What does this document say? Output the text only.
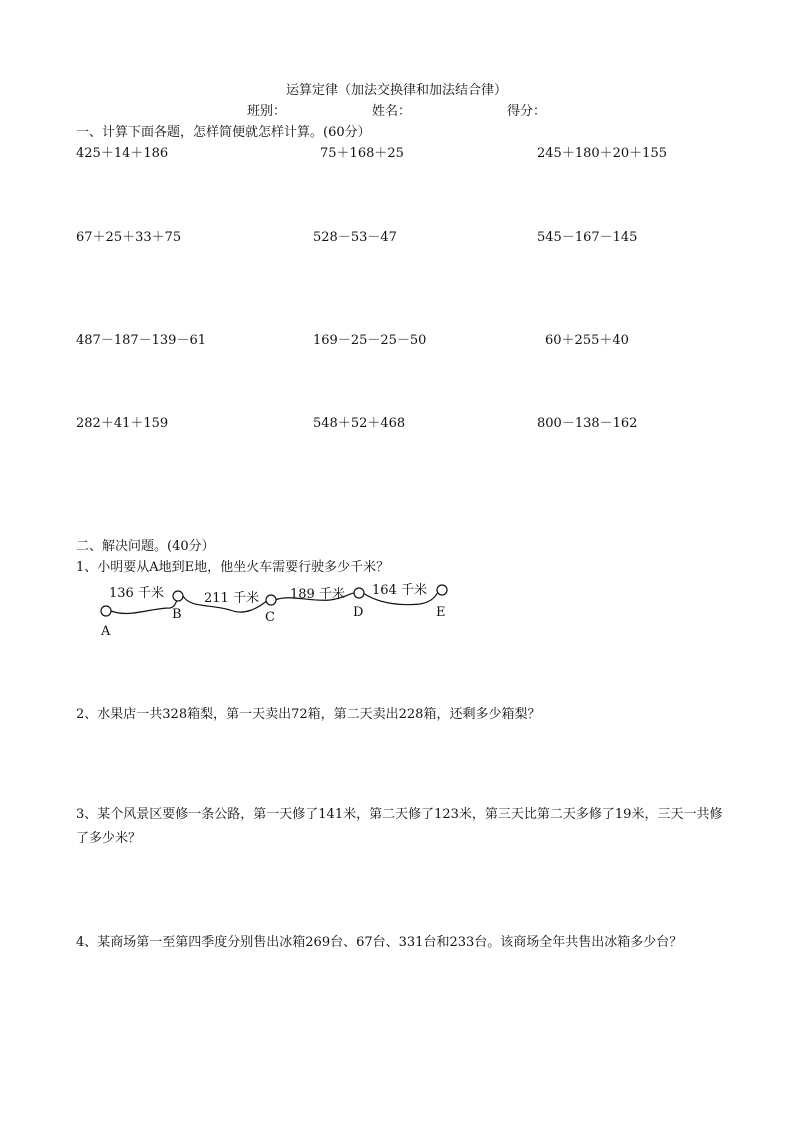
运算定律（加法交换律和加法结合律）
班别：	姓名：	得分：
一、计算下面各题，怎样简便就怎样计算。(60分）
425＋14＋186	75＋168＋25	245＋180＋20＋155
67＋25＋33＋75	528－53－47	545－167－145
487－187－139－61	169－25－25－50	60＋255＋40
282＋41＋159	548＋52＋468	800－138－162
二、解决问题。(40分）
1、小明要从A地到E地，他坐火车需要行驶多少千米？
A
B	C	D	E
136 千米	211 千米 189 千米 164 千米
2、水果店一共328箱梨，第一天卖出72箱，第二天卖出228箱，还剩多少箱梨？
3、某个风景区要修一条公路，第一天修了141米，第二天修了123米，第三天比第二天多修了19米，三天一共修了多少米？
4、某商场第一至第四季度分别售出冰箱269台、67台、331台和233台。该商场全年共售出冰箱多少台？
